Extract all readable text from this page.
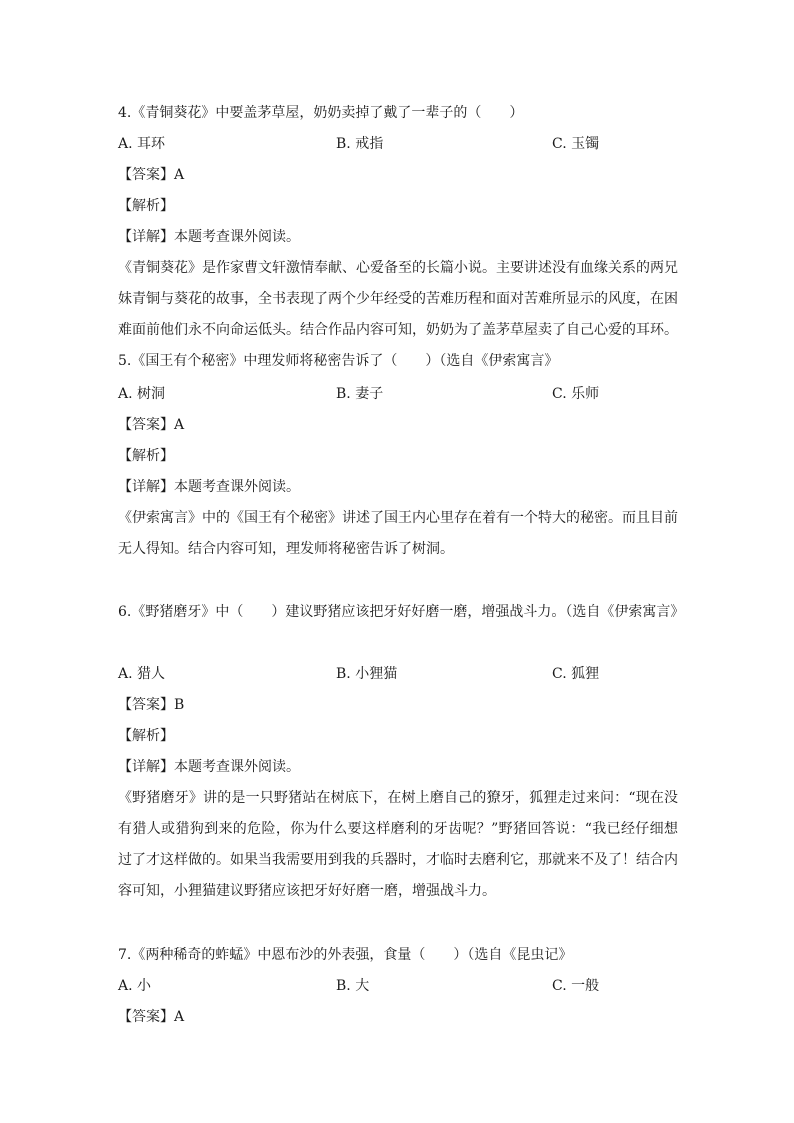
4.《青铜葵花》中要盖茅草屋，奶奶卖掉了戴了一辈子的（　　）
A. 耳环	B. 戒指	C. 玉镯
【答案】A
【解析】
【详解】本题考查课外阅读。
《青铜葵花》是作家曹文轩激情奉献、心爱备至的长篇小说。主要讲述没有血缘关系的两兄妹青铜与葵花的故事，全书表现了两个少年经受的苦难历程和面对苦难所显示的风度，在困难面前他们永不向命运低头。结合作品内容可知，奶奶为了盖茅草屋卖了自己心爱的耳环。
5.《国王有个秘密》中理发师将秘密告诉了（　　）（选自《伊索寓言》
A. 树洞	B. 妻子	C. 乐师
【答案】A
【解析】
【详解】本题考查课外阅读。
《伊索寓言》中的《国王有个秘密》讲述了国王内心里存在着有一个特大的秘密。而且目前无人得知。结合内容可知，理发师将秘密告诉了树洞。
6.《野猪磨牙》中（　　）建议野猪应该把牙好好磨一磨，增强战斗力。（选自《伊索寓言》
A. 猎人	B. 小狸猫	C. 狐狸
【答案】B
【解析】
【详解】本题考查课外阅读。
《野猪磨牙》讲的是一只野猪站在树底下，在树上磨自己的獠牙，狐狸走过来问：“现在没有猎人或猎狗到来的危险，你为什么要这样磨利的牙齿呢？”野猪回答说：“我已经仔细想过了才这样做的。如果当我需要用到我的兵器时，才临时去磨利它，那就来不及了！结合内容可知，小狸猫建议野猪应该把牙好好磨一磨，增强战斗力。
7.《两种稀奇的蚱蜢》中恩布沙的外表强，食量（　　）（选自《昆虫记》
A. 小	B. 大	C. 一般
【答案】A
